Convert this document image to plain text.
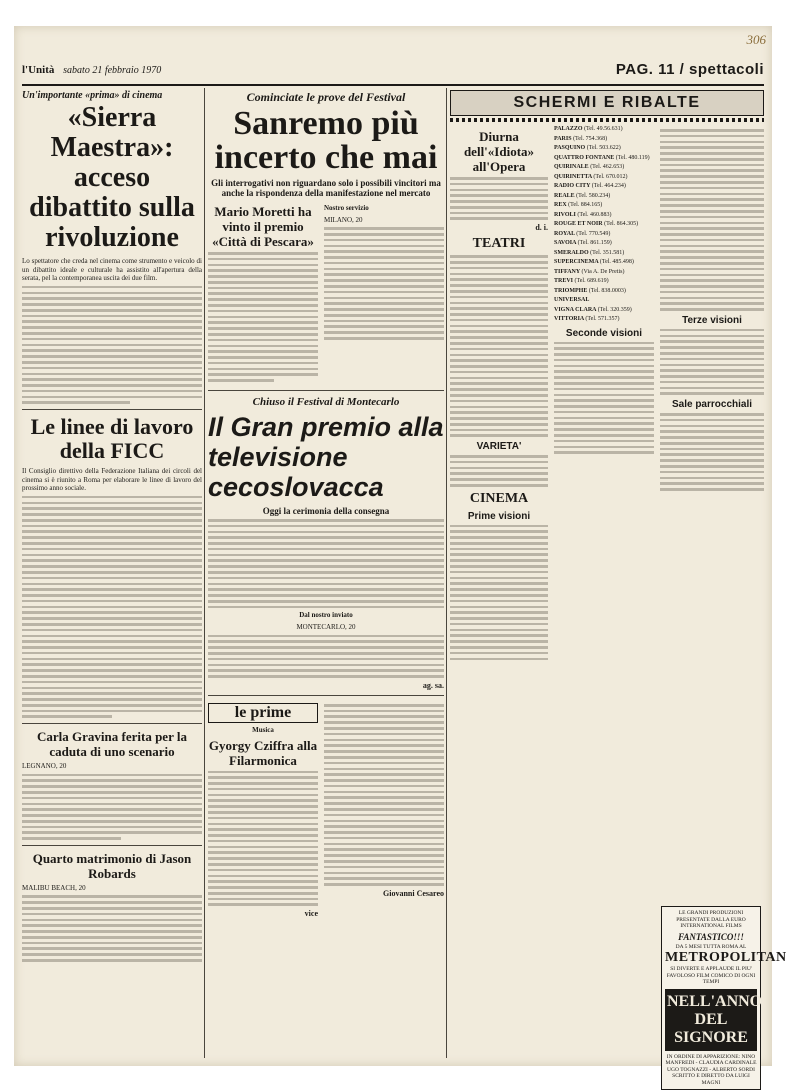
l'Unità sabato 21 febbraio 1970	PAG. 11 / spettacoli
306
Un'importante «prima» di cinema
«Sierra Maestra»: acceso dibattito sulla rivoluzione
Lo spettatore che creda nel cinema come strumento e veicolo di un dibattito ideale e culturale ha assistito all'apertura della serata, pel la contemporanea uscita dei due film.
Le linee di lavoro della FICC
Il Consiglio direttivo della Federazione Italiana dei circoli del cinema si è riunito a Roma per elaborare le linee di lavoro del prossimo anno sociale.
Carla Gravina ferita per la caduta di uno scenario
LEGNANO, 20
Quarto matrimonio di Jason Robards
MALIBU BEACH, 20
Cominciate le prove del Festival
Sanremo più incerto che mai
Gli interrogativi non riguardano solo i possibili vincitori ma anche la rispondenza della manifestazione nel mercato
Mario Moretti ha vinto il premio «Città di Pescara»
Nostro servizio
MILANO, 20
Chiuso il Festival di Montecarlo
Il Gran premio alla televisione cecoslovacca
Oggi la cerimonia della consegna
Dal nostro inviato
MONTECARLO, 20
ag. sa.
le prime
Musica
Gyorgy Cziffra alla Filarmonica
vice
Giovanni Cesareo
SCHERMI E RIBALTE
Diurna dell'«Idiota» all'Opera
d. i.
TEATRI
VARIETA'
CINEMA
Prime visioni
PALAZZO (Tel. 49.56.631)
PARIS (Tel. 754.368)
PASQUINO (Tel. 503.622)
QUATTRO FONTANE (Tel. 480.119)
QUIRINALE (Tel. 462.653)
QUIRINETTA (Tel. 670.012)
RADIO CITY (Tel. 464.234)
REALE (Tel. 580.234)
REX (Tel. 884.165)
RIVOLI (Tel. 460.883)
ROUGE ET NOIR (Tel. 864.305)
ROYAL (Tel. 770.549)
SAVOIA (Tel. 861.159)
SMERALDO (Tel. 351.581)
SUPERCINEMA (Tel. 485.498)
TIFFANY (Via A. De Pretis)
TREVI (Tel. 689.619)
TRIOMPHE (Tel. 838.0003)
UNIVERSAL
VIGNA CLARA (Tel. 320.359)
VITTORIA (Tel. 571.357)
Seconde visioni
Terze visioni
Sale parrocchiali
LE GRANDI PRODUZIONI PRESENTATE DALLA EURO INTERNATIONAL FILMS
FANTASTICO!!!
DA 5 MESI TUTTA ROMA AL
METROPOLITAN
SI DIVERTE E APPLAUDE IL PIU' FAVOLOSO FILM COMICO DI OGNI TEMPI
NELL'ANNO DEL SIGNORE
IN ORDINE DI APPARIZIONE: NINO MANFREDI - CLAUDIA CARDINALE UGO TOGNAZZI - ALBERTO SORDI SCRITTO E DIRETTO DA LUIGI MAGNI
